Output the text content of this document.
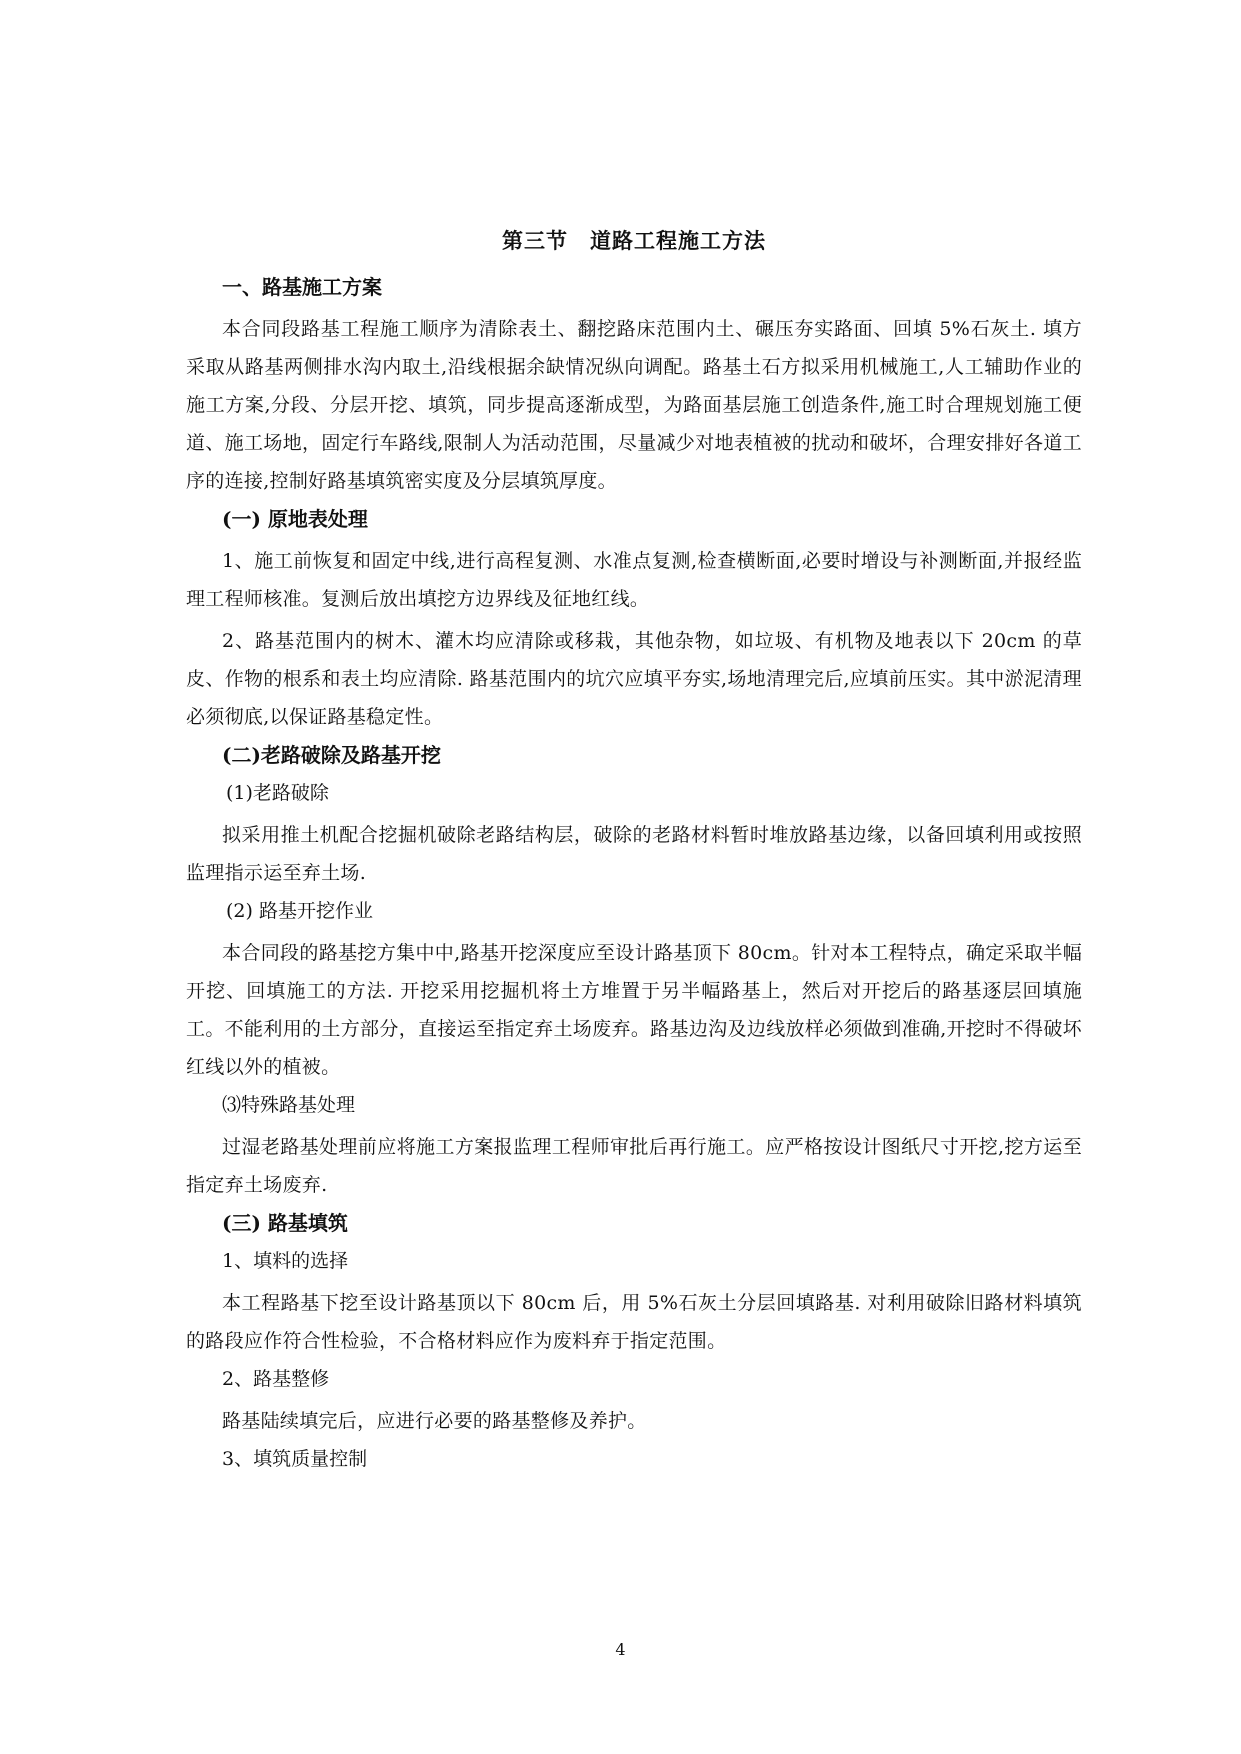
第三节 道路工程施工方法
一、路基施工方案

本合同段路基工程施工顺序为清除表土、翻挖路床范围内土、碾压夯实路面、回填 5%石灰土. 填方采取从路基两侧排水沟内取土,沿线根据余缺情况纵向调配。路基土石方拟采用机械施工,人工辅助作业的施工方案,分段、分层开挖、填筑，同步提高逐渐成型，为路面基层施工创造条件,施工时合理规划施工便道、施工场地，固定行车路线,限制人为活动范围，尽量减少对地表植被的扰动和破坏，合理安排好各道工序的连接,控制好路基填筑密实度及分层填筑厚度。

(一) 原地表处理

1、施工前恢复和固定中线,进行高程复测、水准点复测,检查横断面,必要时增设与补测断面,并报经监理工程师核准。复测后放出填挖方边界线及征地红线。

2、路基范围内的树木、灌木均应清除或移栽，其他杂物，如垃圾、有机物及地表以下 20cm 的草皮、作物的根系和表土均应清除. 路基范围内的坑穴应填平夯实,场地清理完后,应填前压实。其中淤泥清理必须彻底,以保证路基稳定性。

(二)老路破除及路基开挖
(1)老路破除

拟采用推土机配合挖掘机破除老路结构层，破除的老路材料暂时堆放路基边缘，以备回填利用或按照监理指示运至弃土场.

(2) 路基开挖作业

本合同段的路基挖方集中中,路基开挖深度应至设计路基顶下 80cm。针对本工程特点，确定采取半幅开挖、回填施工的方法. 开挖采用挖掘机将土方堆置于另半幅路基上，然后对开挖后的路基逐层回填施工。不能利用的土方部分，直接运至指定弃土场废弃。路基边沟及边线放样必须做到准确,开挖时不得破坏红线以外的植被。

⑶特殊路基处理

过湿老路基处理前应将施工方案报监理工程师审批后再行施工。应严格按设计图纸尺寸开挖,挖方运至指定弃土场废弃.

(三) 路基填筑
1、填料的选择

本工程路基下挖至设计路基顶以下 80cm 后，用 5%石灰土分层回填路基. 对利用破除旧路材料填筑的路段应作符合性检验，不合格材料应作为废料弃于指定范围。

2、路基整修

路基陆续填完后，应进行必要的路基整修及养护。

3、填筑质量控制
4
